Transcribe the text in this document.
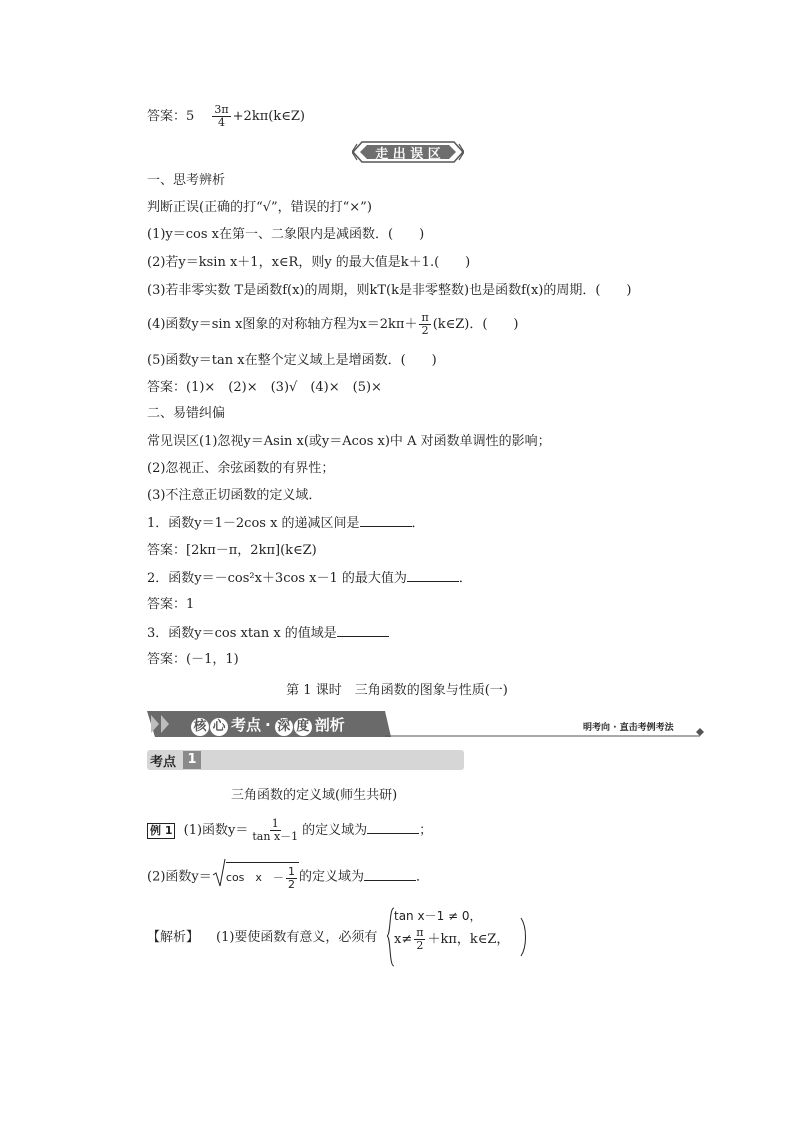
答案：$5 \frac{3\pi}{4}$ +2kπ(k∈Z)
走 出 误 区
一、思考辨析
判断正误(正确的打“√”，错误的打“×”)
(1)y＝cos x在第一、二象限内是减函数．(　　)
(2)若y＝ksin x＋1，x∈R，则y 的最大值是k＋1.(　　)
(3)若非零实数 T是函数f(x)的周期，则kT(k是非零整数)也是函数f(x)的周期．(　　)
(4)函数y＝sin x图象的对称轴方程为$x=2k\pi+ \frac{\pi}{2}$ (k∈Z)．(　　)
(5)函数y＝tan x在整个定义域上是增函数．(　　)
答案：(1)×　(2)×　(3)√　(4)×　(5)×
二、易错纠偏
常见误区(1)忽视y＝Asin x(或y＝Acos x)中 A 对函数单调性的影响；
(2)忽视正、余弦函数的有界性；
(3)不注意正切函数的定义域．
1．函数y＝1－2cos x 的递减区间是	．
答案：[2kπ－π，2kπ](k∈Z)
2．函数y＝－cos²x＋3cos x－1 的最大值为	．
答案：1
3．函数y＝cos xtan x 的值域是
答案：(－1，1)
第 1 课时　三角函数的图象与性质(一)
核 心 考点 · 深 度 剖析	明考向 · 直击考例考法
考点 1
三角函数的定义域(师生共研)
例 1 (1)函数$y= \frac{1}{\text{tan x－1}}$ 的定义域为	；
(2)函数y＝ cos　x　－ $\frac{1}{2}$ 的定义域为	．
【解析】 (1)要使函数有意义，必须有
tan x－1 ≠ 0，
$x\ne \frac{\pi}{2} +k\pi$，k∈Z，
